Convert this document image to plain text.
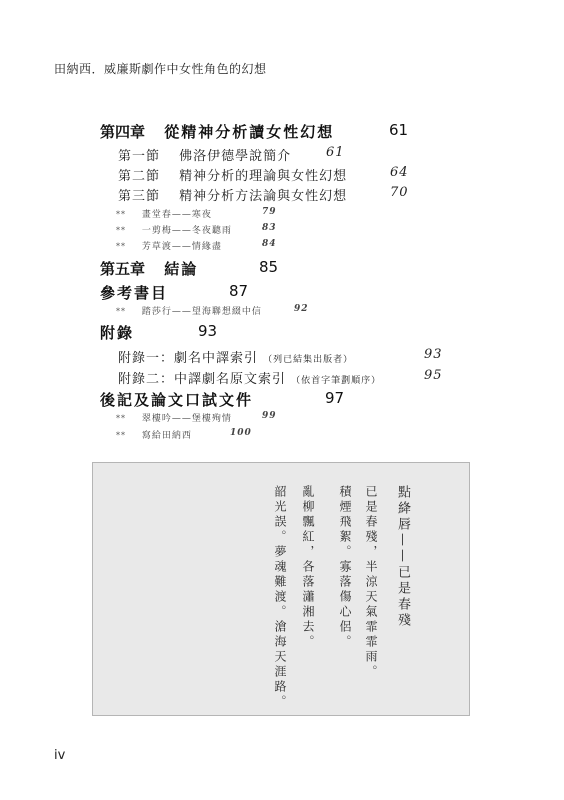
田納西．威廉斯劇作中女性角色的幻想
第四章 從精神分析讀女性幻想	61
第一節 佛洛伊德學說簡介	61
第二節 精神分析的理論與女性幻想	64
第三節 精神分析方法論與女性幻想	70
** 畫堂春——寒夜	79
** 一剪梅——冬夜聽雨	83
** 芳草渡——情緣盡	84
第五章 結論	85
參考書目	87
** 踏莎行——望海聯想綴中信	92
附錄	93
附錄一：劇名中譯索引 （列已結集出版者）	93
附錄二：中譯劇名原文索引 （依首字筆劃順序）	95
後記及論文口試文件	97
** 翠樓吟——堡樓殉情	99
** 寫給田納西	100
點絳唇——已是春殘
已是春殘，半涼天氣霏霏雨。
積煙飛絮。寡落傷心侶。
亂柳飄紅，各落瀟湘去。
韶光誤。夢魂難渡。滄海天涯路。
iv
